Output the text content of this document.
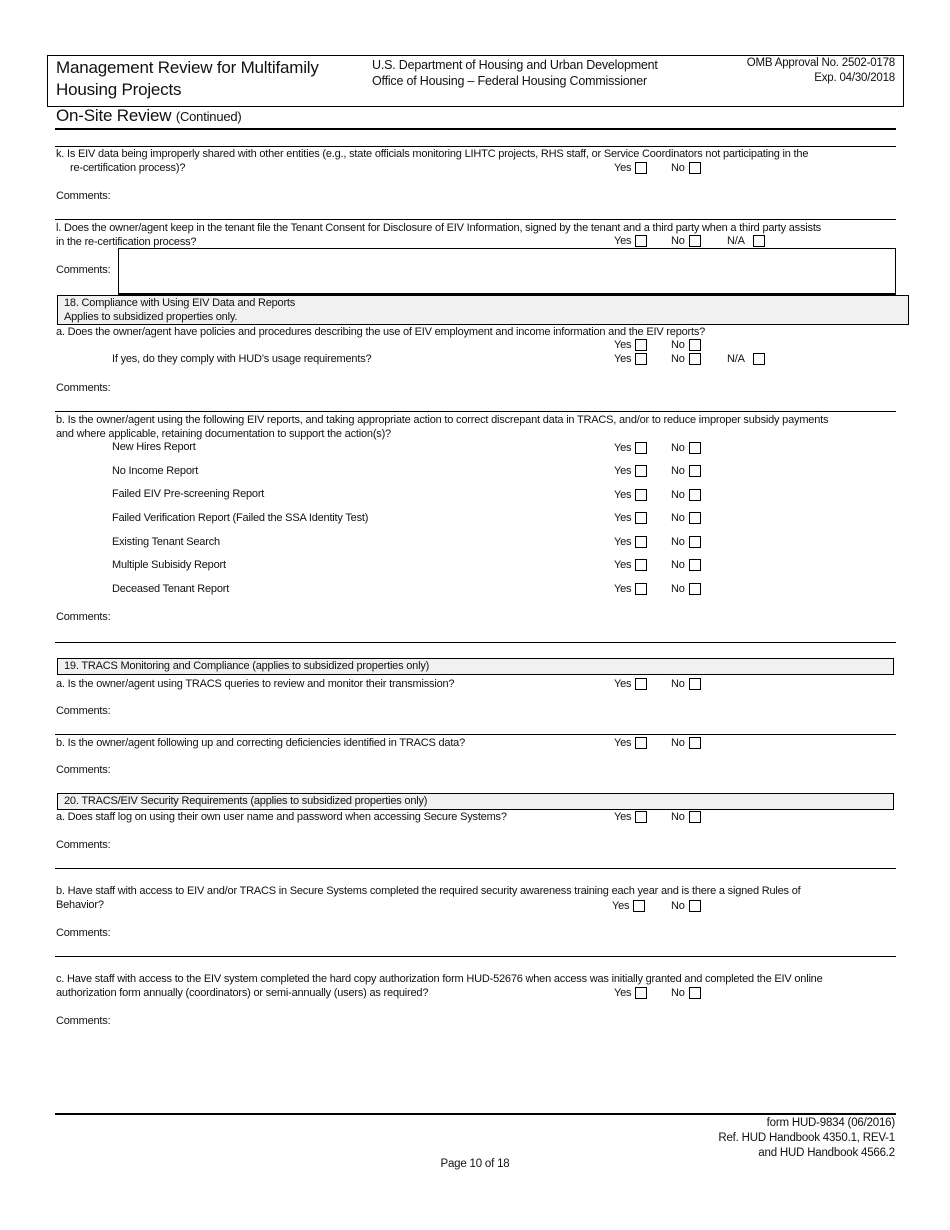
Management Review for Multifamily
Housing Projects
U.S. Department of Housing and Urban Development
Office of Housing – Federal Housing Commissioner
OMB Approval No. 2502-0178
Exp. 04/30/2018
On-Site Review (Continued)
k. Is EIV data being improperly shared with other entities (e.g., state officials monitoring LIHTC projects, RHS staff, or Service Coordinators not participating in the
re-certification process)?	Yes	No
Comments:
l. Does the owner/agent keep in the tenant file the Tenant Consent for Disclosure of EIV Information, signed by the tenant and a third party when a third party assists
in the re-certification process?	Yes	No	N/A
Comments:
18. Compliance with Using EIV Data and Reports
Applies to subsidized properties only.
a. Does the owner/agent have policies and procedures describing the use of EIV employment and income information and the EIV reports?
Yes	No
If yes, do they comply with HUD’s usage requirements?	Yes	No	N/A
Comments:
b. Is the owner/agent using the following EIV reports, and taking appropriate action to correct discrepant data in TRACS, and/or to reduce improper subsidy payments
and where applicable, retaining documentation to support the action(s)?
New Hires Report	Yes	No
No Income Report	Yes	No
Failed EIV Pre-screening Report	Yes	No
Failed Verification Report (Failed the SSA Identity Test)	Yes	No
Existing Tenant Search	Yes	No
Multiple Subisidy Report	Yes	No
Deceased Tenant Report	Yes	No
Comments:
19. TRACS Monitoring and Compliance (applies to subsidized properties only)
a. Is the owner/agent using TRACS queries to review and monitor their transmission?	Yes	No
Comments:
b. Is the owner/agent following up and correcting deficiencies identified in TRACS data?	Yes	No
Comments:
20. TRACS/EIV Security Requirements (applies to subsidized properties only)
a. Does staff log on using their own user name and password when accessing Secure Systems?	Yes	No
Comments:
b. Have staff with access to EIV and/or TRACS in Secure Systems completed the required security awareness training each year and is there a signed Rules of
Behavior?	Yes	No
Comments:
c. Have staff with access to the EIV system completed the hard copy authorization form HUD-52676 when access was initially granted and completed the EIV online
authorization form annually (coordinators) or semi-annually (users) as required?	Yes	No
Comments:
form HUD-9834 (06/2016)
Ref. HUD Handbook 4350.1, REV-1
and HUD Handbook 4566.2
Page 10 of 18
